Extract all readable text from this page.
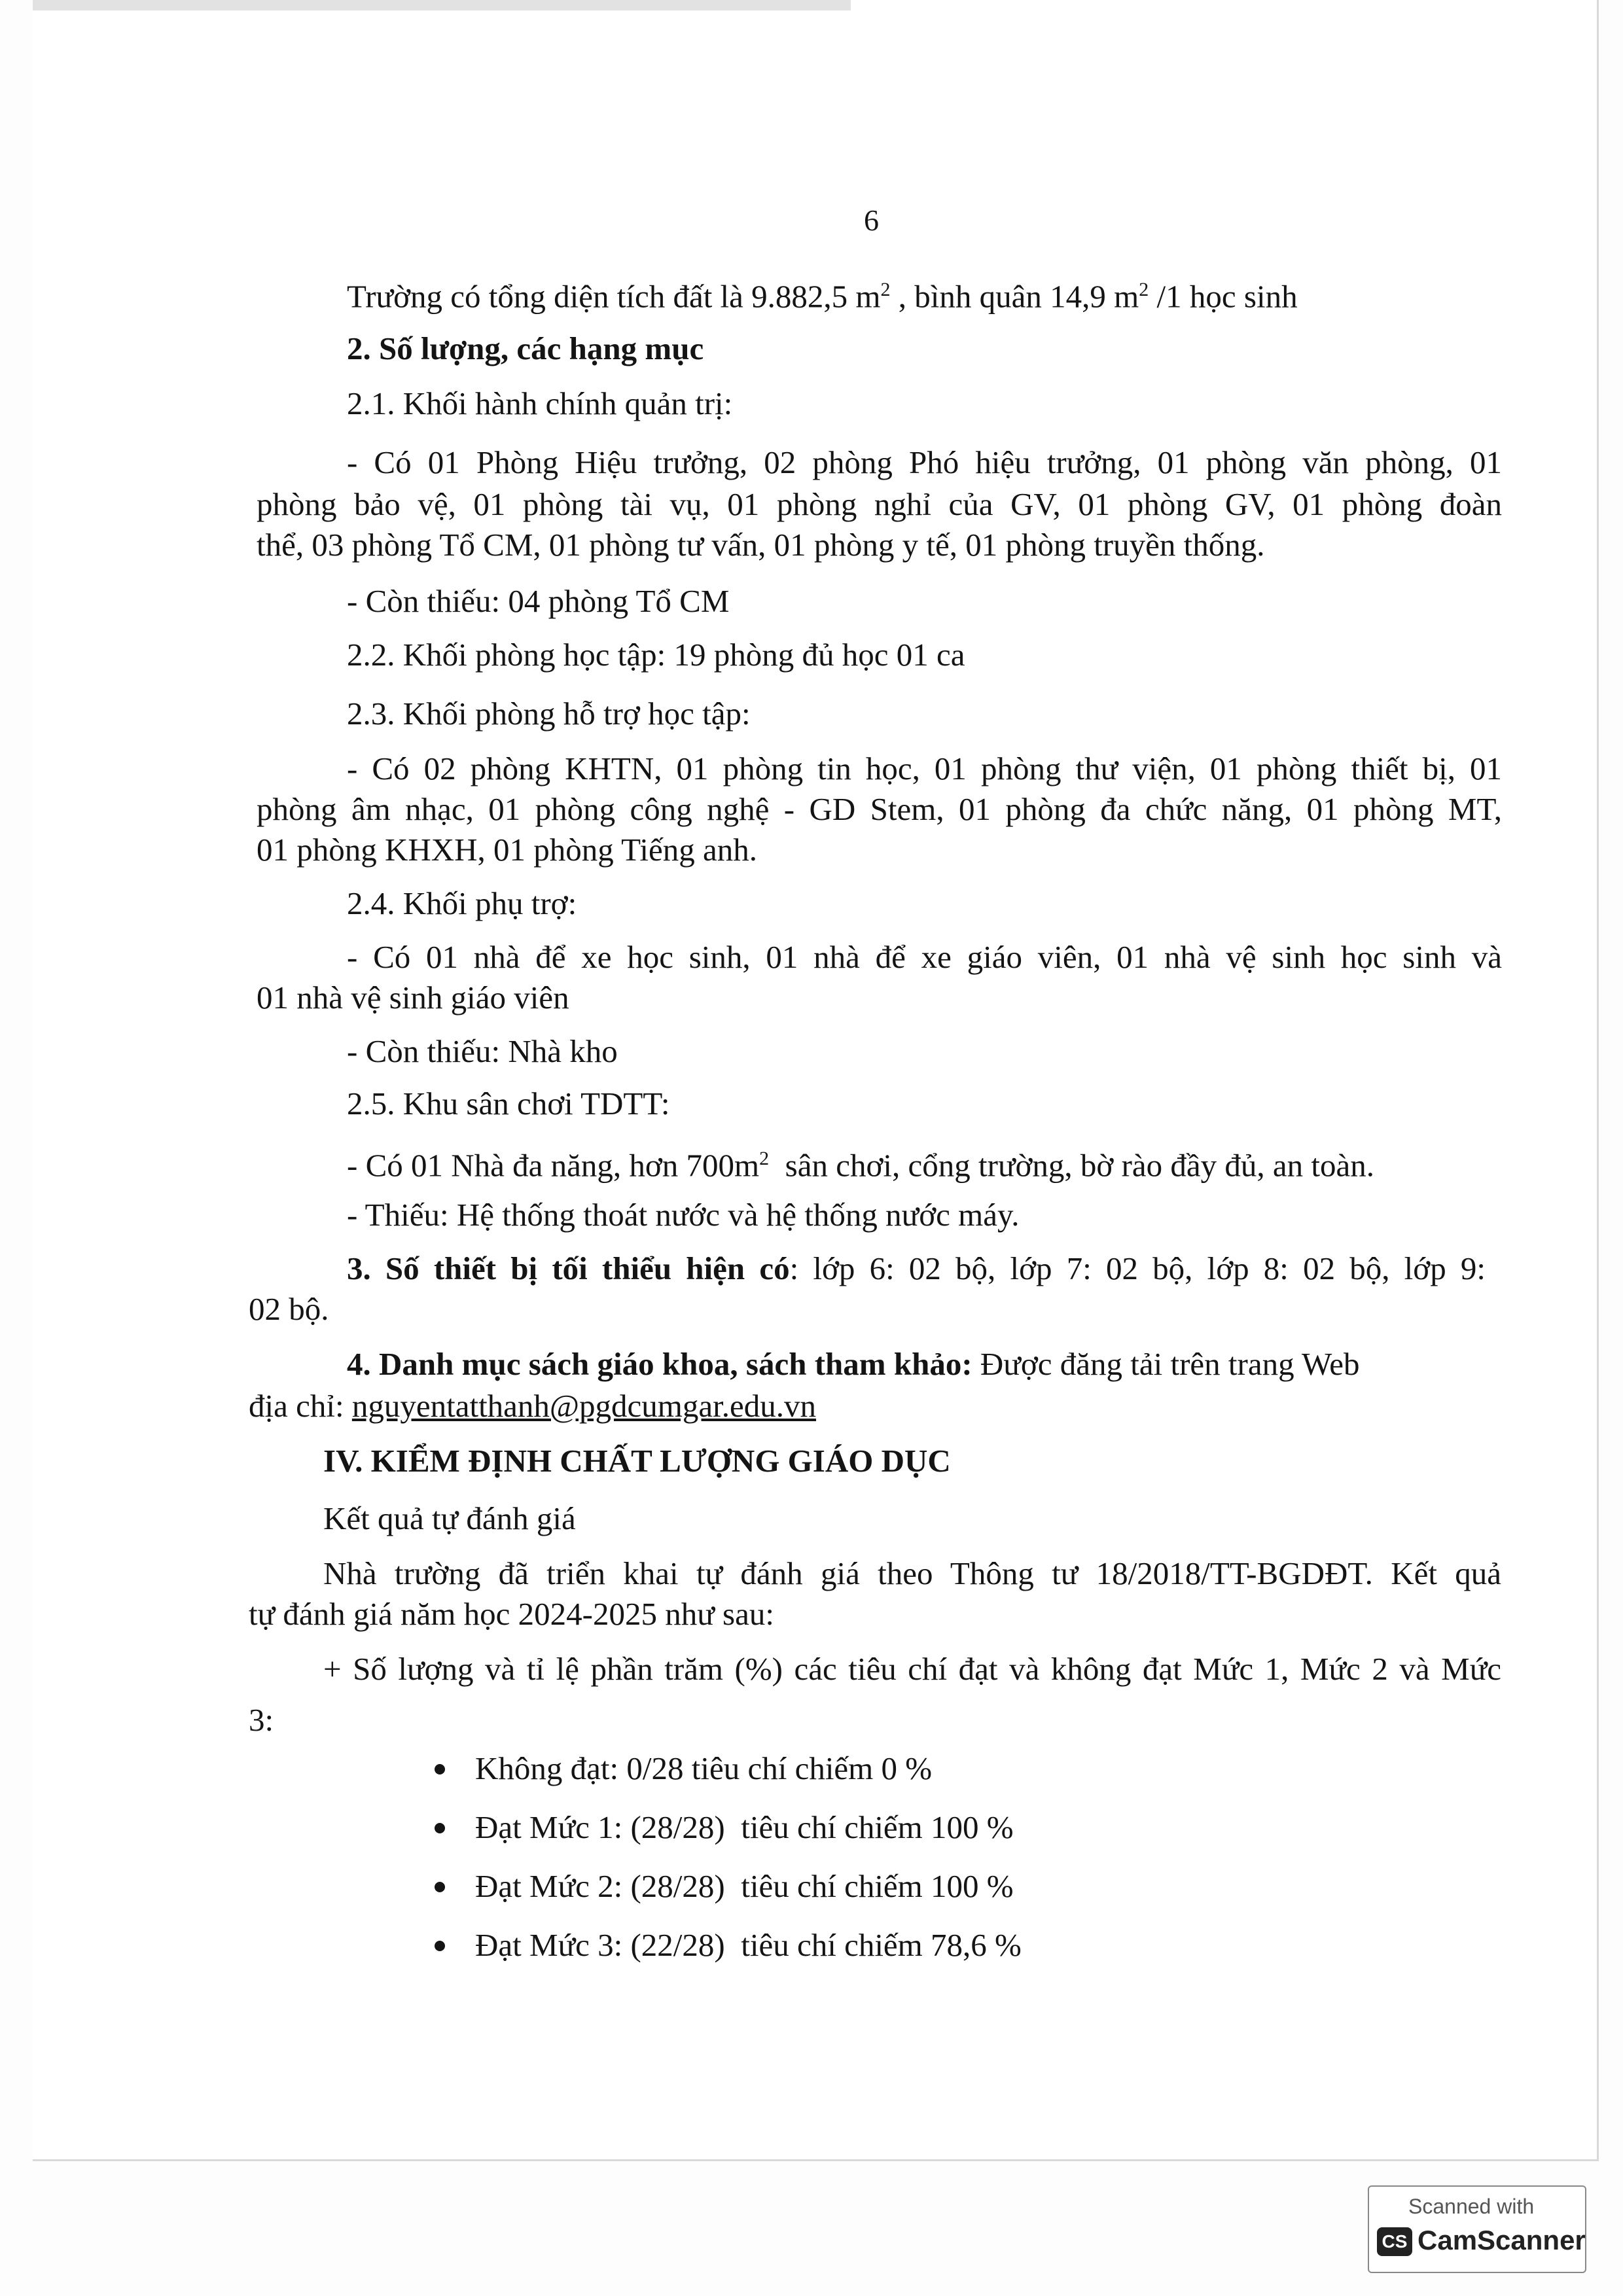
6
Trường có tổng diện tích đất là 9.882,5 $m^2$ , bình quân 14,9 $m^2$ /1 học sinh
2. Số lượng, các hạng mục
2.1. Khối hành chính quản trị:
- Có 01 Phòng Hiệu trưởng, 02 phòng Phó hiệu trưởng, 01 phòng văn phòng, 01
phòng bảo vệ, 01 phòng tài vụ, 01 phòng nghỉ của GV, 01 phòng GV, 01 phòng đoàn
thể, 03 phòng Tổ CM, 01 phòng tư vấn, 01 phòng y tế, 01 phòng truyền thống.
- Còn thiếu: 04 phòng Tổ CM
2.2. Khối phòng học tập: 19 phòng đủ học 01 ca
2.3. Khối phòng hỗ trợ học tập:
- Có 02 phòng KHTN, 01 phòng tin học, 01 phòng thư viện, 01 phòng thiết bị, 01
phòng âm nhạc, 01 phòng công nghệ - GD Stem, 01 phòng đa chức năng, 01 phòng MT,
01 phòng KHXH, 01 phòng Tiếng anh.
2.4. Khối phụ trợ:
- Có 01 nhà để xe học sinh, 01 nhà để xe giáo viên, 01 nhà vệ sinh học sinh và
01 nhà vệ sinh giáo viên
- Còn thiếu: Nhà kho
2.5. Khu sân chơi TDTT:
- Có 01 Nhà đa năng, hơn $700m^2$  sân chơi, cổng trường, bờ rào đầy đủ, an toàn.
- Thiếu: Hệ thống thoát nước và hệ thống nước máy.
3. Số thiết bị tối thiểu hiện có: lớp 6: 02 bộ, lớp 7: 02 bộ, lớp 8: 02 bộ, lớp 9:
02 bộ.
4. Danh mục sách giáo khoa, sách tham khảo: Được đăng tải trên trang Web
địa chỉ: nguyentatthanh@pgdcumgar.edu.vn
IV. KIỂM ĐỊNH CHẤT LƯỢNG GIÁO DỤC
Kết quả tự đánh giá
Nhà trường đã triển khai tự đánh giá theo Thông tư 18/2018/TT-BGDĐT. Kết quả
tự đánh giá năm học 2024-2025 như sau:
+ Số lượng và tỉ lệ phần trăm (%) các tiêu chí đạt và không đạt Mức 1, Mức 2 và Mức
3:
Không đạt: 0/28 tiêu chí chiếm 0 %
Đạt Mức 1: (28/28)  tiêu chí chiếm 100 %
Đạt Mức 2: (28/28)  tiêu chí chiếm 100 %
Đạt Mức 3: (22/28)  tiêu chí chiếm 78,6 %
Scanned with
CS CamScanner
